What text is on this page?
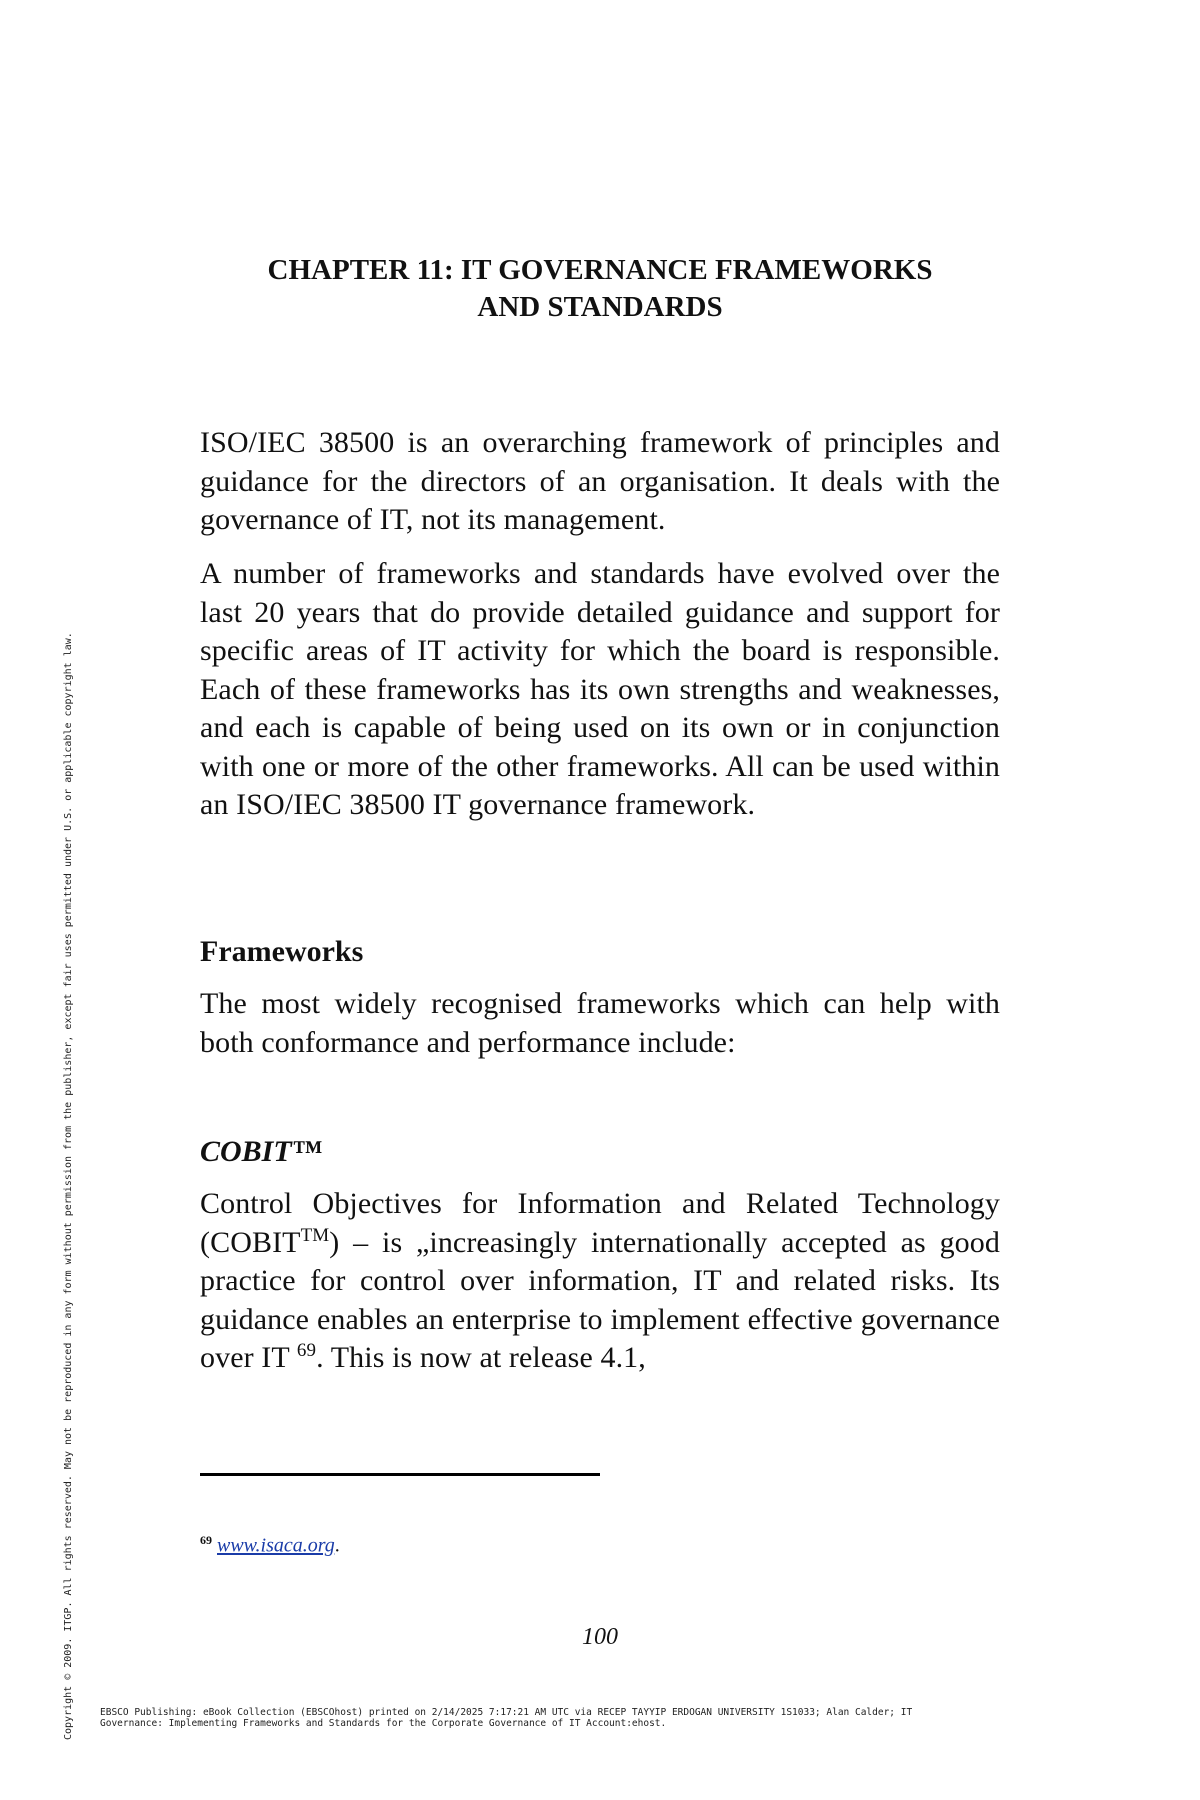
CHAPTER 11: IT GOVERNANCE FRAMEWORKS
AND STANDARDS

ISO/IEC 38500 is an overarching framework of principles and guidance for the directors of an organisation. It deals with the governance of IT, not its management.

A number of frameworks and standards have evolved over the last 20 years that do provide detailed guidance and support for specific areas of IT activity for which the board is responsible. Each of these frameworks has its own strengths and weaknesses, and each is capable of being used on its own or in conjunction with one or more of the other frameworks. All can be used within an ISO/IEC 38500 IT governance framework.

Frameworks

The most widely recognised frameworks which can help with both conformance and performance include:

COBIT™

Control Objectives for Information and Related Technology (COBIT™) – is „increasingly internationally accepted as good practice for control over information, IT and related risks. Its guidance enables an enterprise to implement effective governance over IT $^{69}$. This is now at release 4.1,

$^{69}$ www.isaca.org.
100
Copyright © 2009. ITGP. All rights reserved. May not be reproduced in any form without permission from the publisher, except fair uses permitted under U.S. or applicable copyright law.	EBSCO Publishing: eBook Collection (EBSCOhost) printed on 2/14/2025 7:17:21 AM UTC via RECEP TAYYIP ERDOGAN UNIVERSITY 1S1033; Alan Calder; IT
Governance: Implementing Frameworks and Standards for the Corporate Governance of IT Account:ehost.
